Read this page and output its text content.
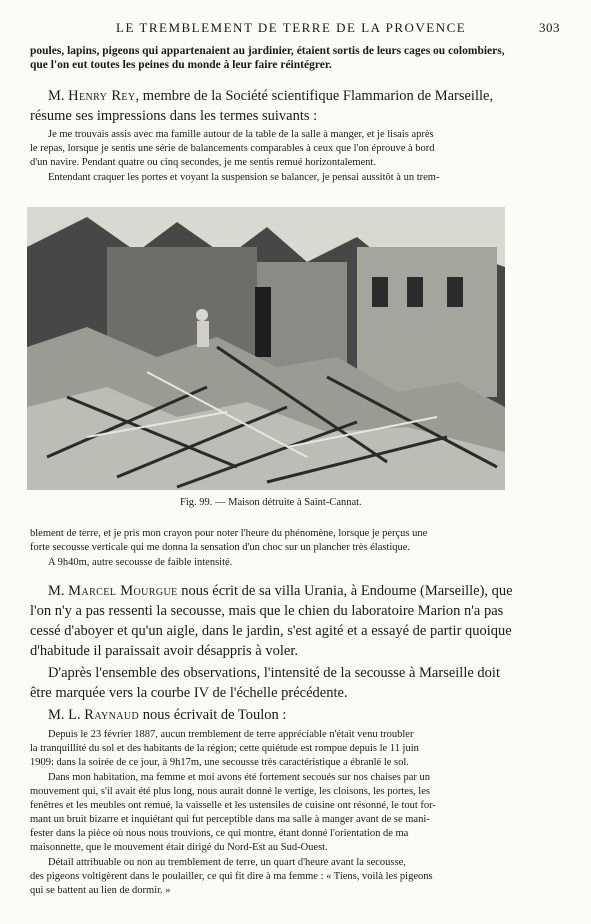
LE TREMBLEMENT DE TERRE DE LA PROVENCE	303
poules, lapins, pigeons qui appartenaient au jardinier, étaient sortis de leurs cages ou colombiers,
que l'on eut toutes les peines du monde à leur faire réintégrer.
M. Henry Rey, membre de la Société scientifique Flammarion de Marseille,
résume ses impressions dans les termes suivants :
Je me trouvais assis avec ma famille autour de la table de la salle à manger, et je lisais après
le repas, lorsque je sentis une série de balancements comparables à ceux que l'on éprouve à bord
d'un navire. Pendant quatre ou cinq secondes, je me sentis remué horizontalement.
Entendant craquer les portes et voyant la suspension se balancer, je pensai aussitôt à un trem-
Fig. 99. — Maison détruite à Saint-Cannat.
blement de terre, et je pris mon crayon pour noter l'heure du phénomène, lorsque je perçus une
forte secousse verticale qui me donna la sensation d'un choc sur un plancher très élastique.
A 9h40m, autre secousse de faible intensité.
M. Marcel Mourgue nous écrit de sa villa Urania, à Endoume (Marseille), que
l'on n'y a pas ressenti la secousse, mais que le chien du laboratoire Marion n'a pas
cessé d'aboyer et qu'un aigle, dans le jardin, s'est agité et a essayé de partir quoique
d'habitude il paraissait avoir désappris à voler.
D'après l'ensemble des observations, l'intensité de la secousse à Marseille doit
être marquée vers la courbe IV de l'échelle précédente.
M. L. Raynaud nous écrivait de Toulon :
Depuis le 23 février 1887, aucun tremblement de terre appréciable n'était venu troubler
la tranquillité du sol et des habitants de la région; cette quiétude est rompue depuis le 11 juin
1909: dans la soirée de ce jour, à 9h17m, une secousse très caractéristique a ébranlé le sol.
Dans mon habitation, ma femme et moi avons été fortement secoués sur nos chaises par un
mouvement qui, s'il avait été plus long, nous aurait donné le vertige, les cloisons, les portes, les
fenêtres et les meubles ont remué, la vaisselle et les ustensiles de cuisine ont résonné, le tout for-
mant un bruit bizarre et inquiétant qui fut perceptible dans ma salle à manger avant de se mani-
fester dans la pièce où nous nous trouvions, ce qui montre, étant donné l'orientation de ma
maisonnette, que le mouvement était dirigé du Nord-Est au Sud-Ouest.
Détail attribuable ou non au tremblement de terre, un quart d'heure avant la secousse,
des pigeons voltigèrent dans le poulailler, ce qui fit dire à ma femme : « Tiens, voilà les pigeons
qui se battent au lien de dormir. »
